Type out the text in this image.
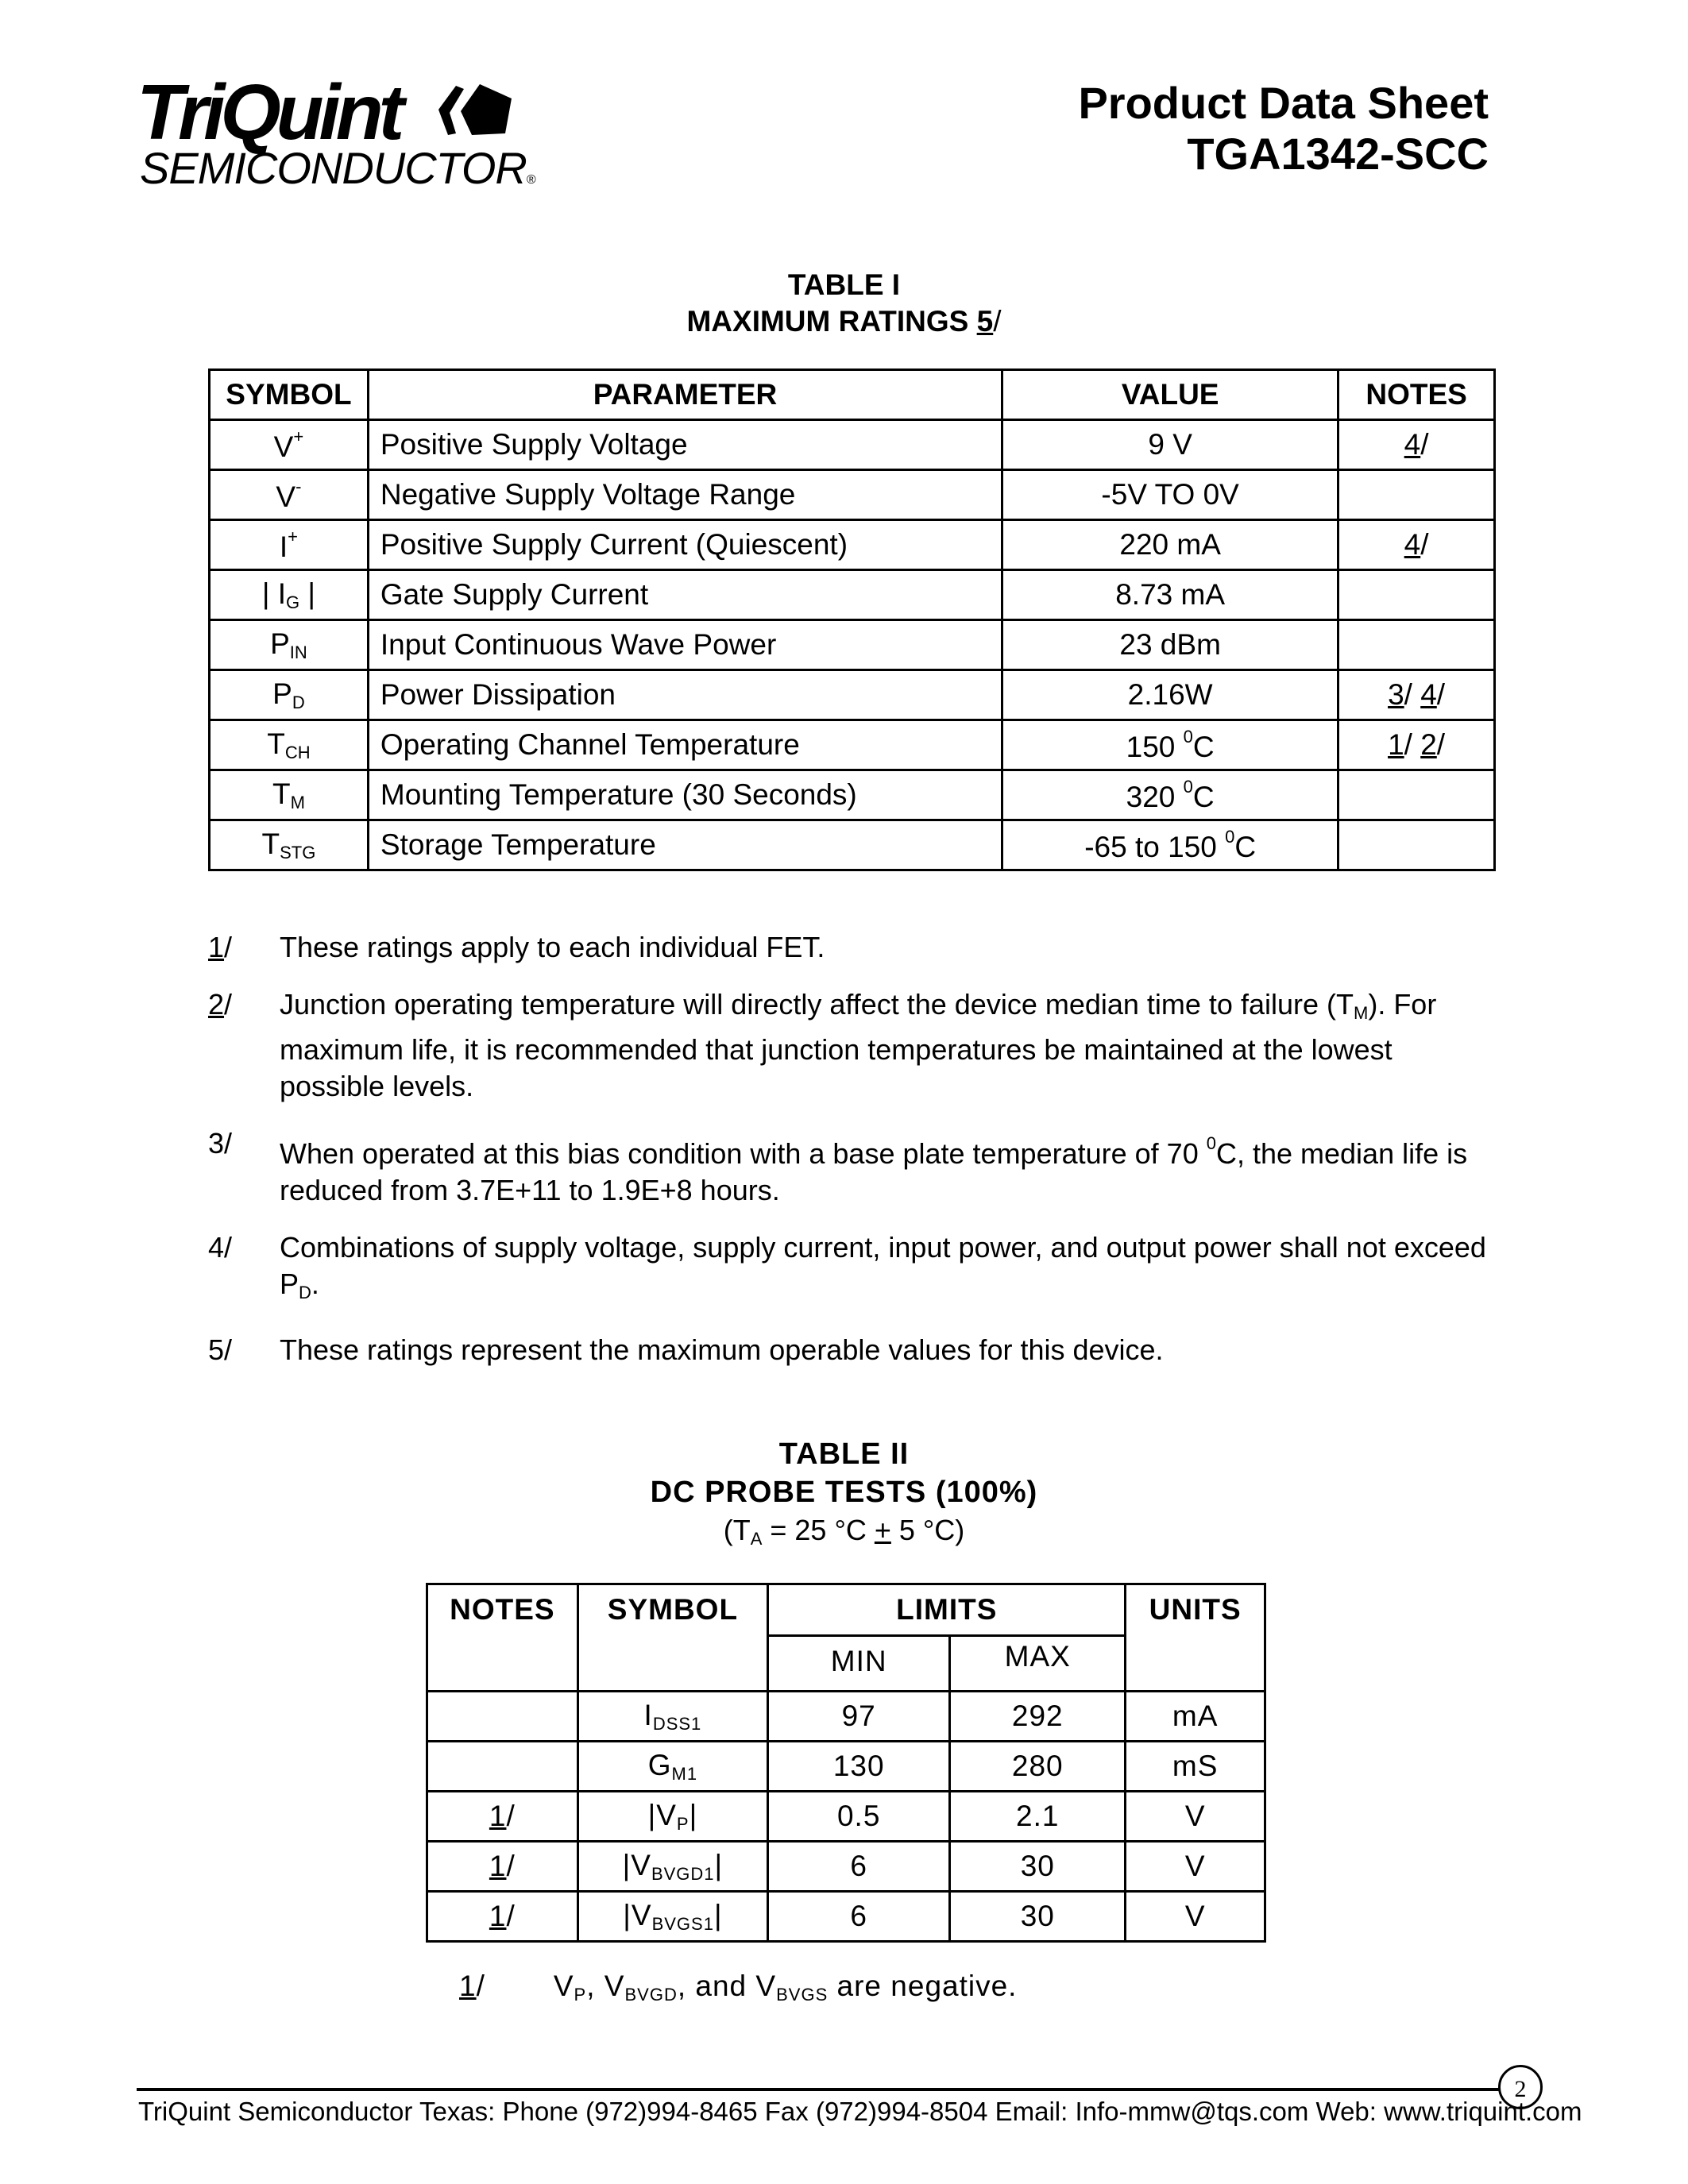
TriQuint
SEMICONDUCTOR®
Product Data Sheet
TGA1342-SCC
TABLE I
MAXIMUM RATINGS 5/
SYMBOL	PARAMETER	VALUE	NOTES
V+	Positive Supply Voltage	9 V	4/
V-	Negative Supply Voltage Range	-5V TO 0V	
I+	Positive Supply Current (Quiescent)	220 mA	4/
| $I_G$ |	Gate Supply Current	8.73 mA	
$P_{IN}$	Input Continuous Wave Power	23 dBm	
$P_D$	Power Dissipation	2.16W	3/ 4/
$T_{CH}$	Operating Channel Temperature	150 $^0$C	1/ 2/
$T_M$	Mounting Temperature (30 Seconds)	320 $^0$C	
$T_{STG}$	Storage Temperature	-65 to 150 $^0$C	
1/	These ratings apply to each individual FET.
2/	Junction operating temperature will directly affect the device median time to failure $(T_M)$. For maximum life, it is recommended that junction temperatures be maintained at the lowest possible levels.
3/	When operated at this bias condition with a base plate temperature of 70 $^0$C, the median life is reduced from 3.7E+11 to 1.9E+8 hours.
4/	Combinations of supply voltage, supply current, input power, and output power shall not exceed $P_D$.
5/	These ratings represent the maximum operable values for this device.
TABLE II
DC PROBE TESTS (100%)
($T_A = 25$ °C + 5 °C)
NOTES	SYMBOL	LIMITS		UNITS
		MIN	MAX	
	$I_{DSS1}$	97	292	mA
	$G_{M1}$	130	280	mS
1/	$|V_P|$	0.5	2.1	V
1/	$|V_{BVGD1}|$	6	30	V
1/	$|V_{BVGS1}|$	6	30	V
1/ $V_P$, $V_{BVGD}$, and $V_{BVGS}$ are negative.
2
TriQuint Semiconductor Texas: Phone (972)994-8465 Fax (972)994-8504 Email: Info-mmw@tqs.com Web: www.triquint.com
